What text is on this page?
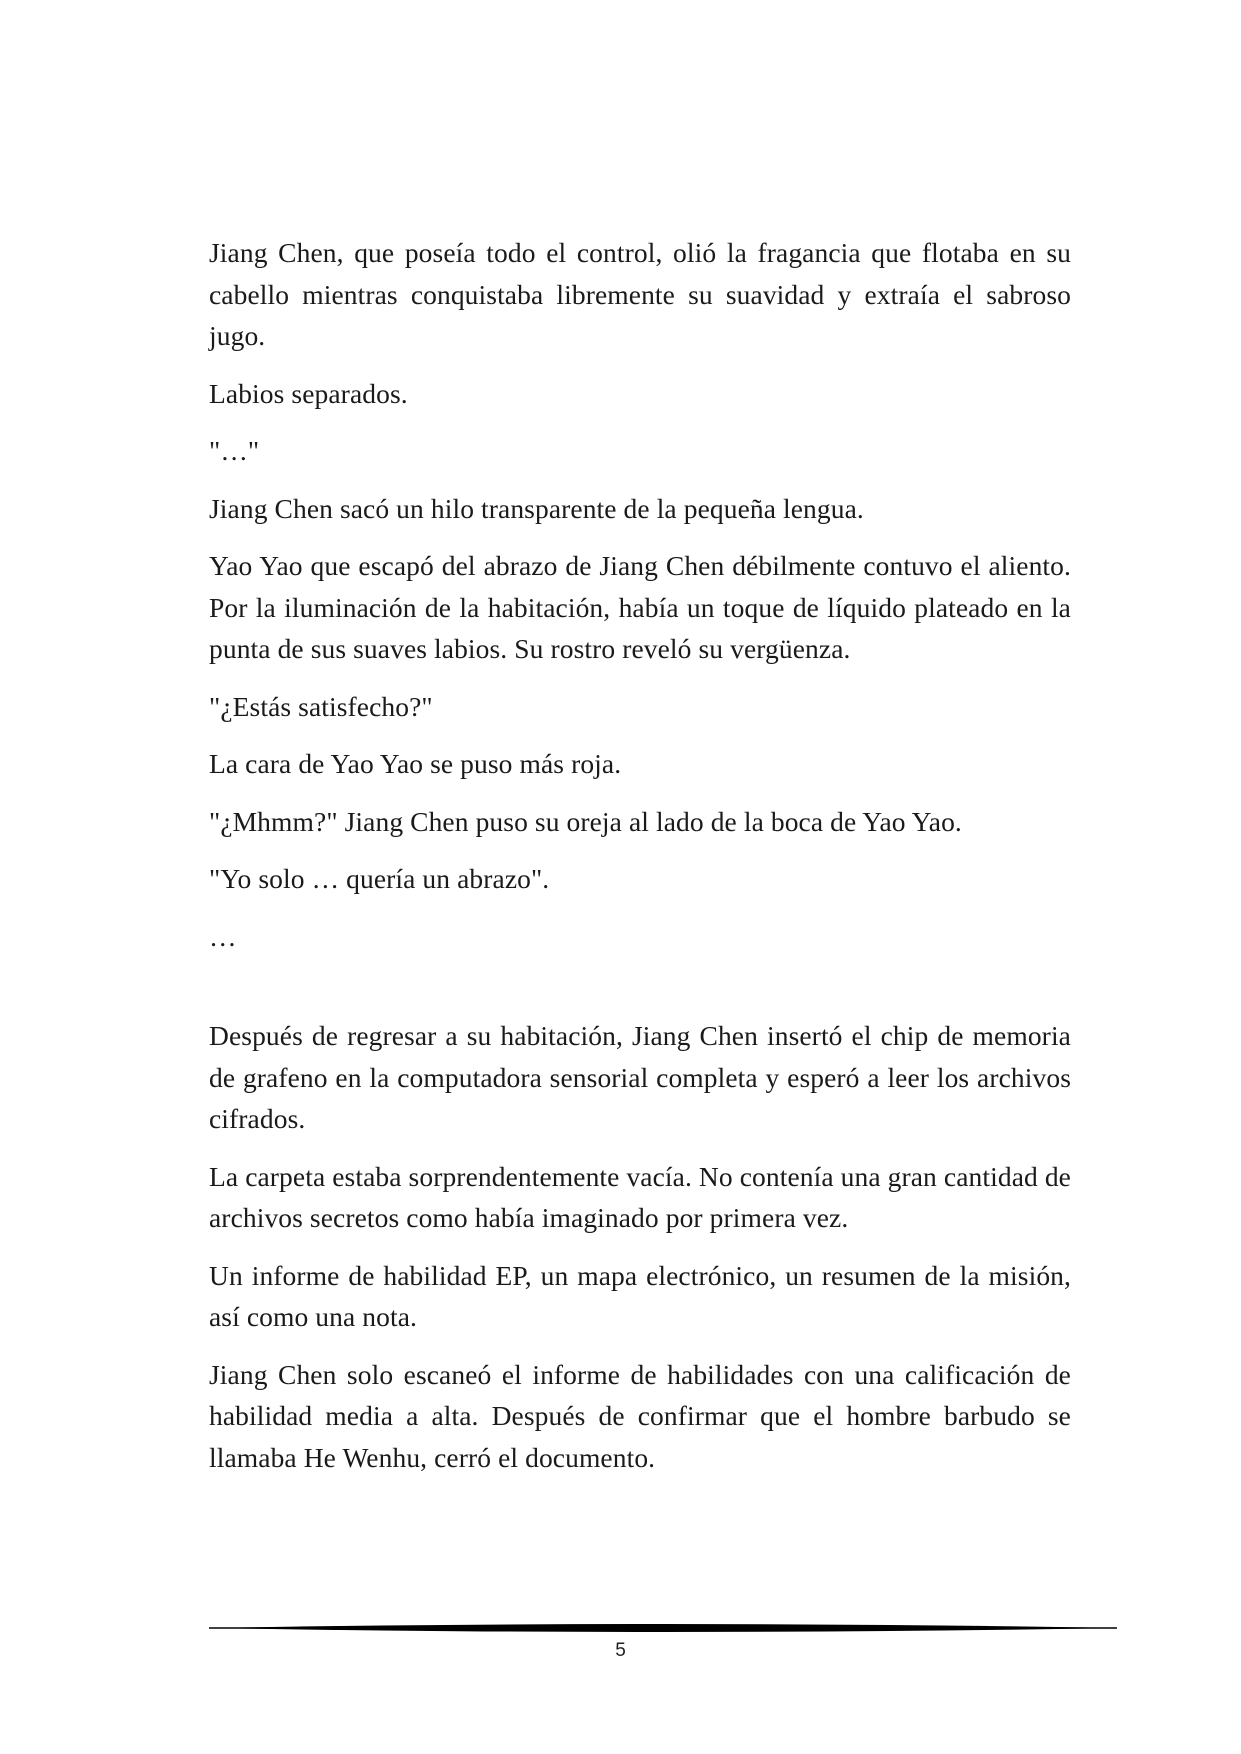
Jiang Chen, que poseía todo el control, olió la fragancia que flotaba en su cabello mientras conquistaba libremente su suavidad y extraía el sabroso jugo.

Labios separados.

"…"

Jiang Chen sacó un hilo transparente de la pequeña lengua.

Yao Yao que escapó del abrazo de Jiang Chen débilmente contuvo el aliento. Por la iluminación de la habitación, había un toque de líquido plateado en la punta de sus suaves labios. Su rostro reveló su vergüenza.

"¿Estás satisfecho?"

La cara de Yao Yao se puso más roja.

"¿Mhmm?" Jiang Chen puso su oreja al lado de la boca de Yao Yao.

"Yo solo … quería un abrazo".

…

Después de regresar a su habitación, Jiang Chen insertó el chip de memoria de grafeno en la computadora sensorial completa y esperó a leer los archivos cifrados.

La carpeta estaba sorprendentemente vacía. No contenía una gran cantidad de archivos secretos como había imaginado por primera vez.

Un informe de habilidad EP, un mapa electrónico, un resumen de la misión, así como una nota.

Jiang Chen solo escaneó el informe de habilidades con una calificación de habilidad media a alta. Después de confirmar que el hombre barbudo se llamaba He Wenhu, cerró el documento.

5
